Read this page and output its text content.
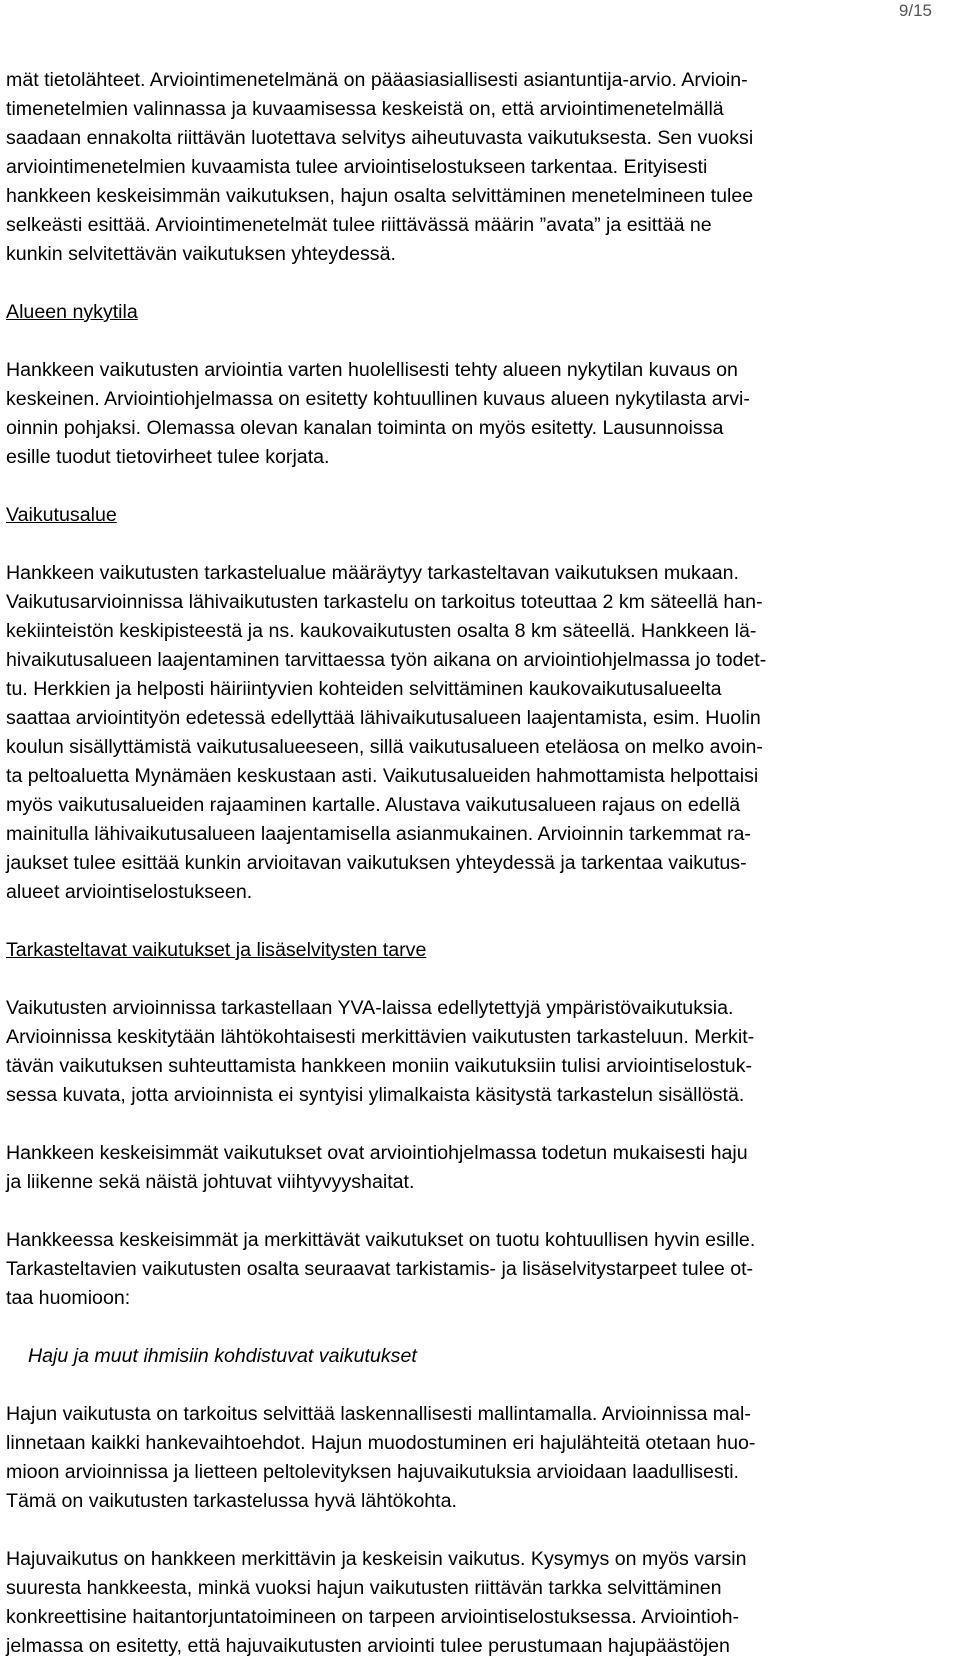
9/15

mät tietolähteet. Arviointimenetelmänä on pääasiasiallisesti asiantuntija-arvio. Arvioin-
timenetelmien valinnassa ja kuvaamisessa keskeistä on, että arviointimenetelmällä
saadaan ennakolta riittävän luotettava selvitys aiheutuvasta vaikutuksesta. Sen vuoksi
arviointimenetelmien kuvaamista tulee arviointiselostukseen tarkentaa. Erityisesti
hankkeen keskeisimmän vaikutuksen, hajun osalta selvittäminen menetelmineen tulee
selkeästi esittää. Arviointimenetelmät tulee riittävässä määrin ”avata” ja esittää ne
kunkin selvitettävän vaikutuksen yhteydessä.

Alueen nykytila

Hankkeen vaikutusten arviointia varten huolellisesti tehty alueen nykytilan kuvaus on
keskeinen. Arviointiohjelmassa on esitetty kohtuullinen kuvaus alueen nykytilasta arvi-
oinnin pohjaksi. Olemassa olevan kanalan toiminta on myös esitetty. Lausunnoissa
esille tuodut tietovirheet tulee korjata.

Vaikutusalue

Hankkeen vaikutusten tarkastelualue määräytyy tarkasteltavan vaikutuksen mukaan.
Vaikutusarvioinnissa lähivaikutusten tarkastelu on tarkoitus toteuttaa 2 km säteellä han-
kekiinteistön keskipisteestä ja ns. kaukovaikutusten osalta 8 km säteellä. Hankkeen lä-
hivaikutusalueen laajentaminen tarvittaessa työn aikana on arviointiohjelmassa jo todet-
tu. Herkkien ja helposti häiriintyvien kohteiden selvittäminen kaukovaikutusalueelta
saattaa arviointityön edetessä edellyttää lähivaikutusalueen laajentamista, esim. Huolin
koulun sisällyttämistä vaikutusalueeseen, sillä vaikutusalueen eteläosa on melko avoin-
ta peltoaluetta Mynämäen keskustaan asti. Vaikutusalueiden hahmottamista helpottaisi
myös vaikutusalueiden rajaaminen kartalle. Alustava vaikutusalueen rajaus on edellä
mainitulla lähivaikutusalueen laajentamisella asianmukainen. Arvioinnin tarkemmat ra-
jaukset tulee esittää kunkin arvioitavan vaikutuksen yhteydessä ja tarkentaa vaikutus-
alueet arviointiselostukseen.

Tarkasteltavat vaikutukset ja lisäselvitysten tarve

Vaikutusten arvioinnissa tarkastellaan YVA-laissa edellytettyjä ympäristövaikutuksia.
Arvioinnissa keskitytään lähtökohtaisesti merkittävien vaikutusten tarkasteluun. Merkit-
tävän vaikutuksen suhteuttamista hankkeen moniin vaikutuksiin tulisi arviointiselostuk-
sessa kuvata, jotta arvioinnista ei syntyisi ylimalkaista käsitystä tarkastelun sisällöstä.

Hankkeen keskeisimmät vaikutukset ovat arviointiohjelmassa todetun mukaisesti haju
ja liikenne sekä näistä johtuvat viihtyvyyshaitat.

Hankkeessa keskeisimmät ja merkittävät vaikutukset on tuotu kohtuullisen hyvin esille.
Tarkasteltavien vaikutusten osalta seuraavat tarkistamis- ja lisäselvitystarpeet tulee ot-
taa huomioon:

Haju ja muut ihmisiin kohdistuvat vaikutukset

Hajun vaikutusta on tarkoitus selvittää laskennallisesti mallintamalla. Arvioinnissa mal-
linnetaan kaikki hankevaihtoehdot. Hajun muodostuminen eri hajulähteitä otetaan huo-
mioon arvioinnissa ja lietteen peltolevityksen hajuvaikutuksia arvioidaan laadullisesti.
Tämä on vaikutusten tarkastelussa hyvä lähtökohta.

Hajuvaikutus on hankkeen merkittävin ja keskeisin vaikutus. Kysymys on myös varsin
suuresta hankkeesta, minkä vuoksi hajun vaikutusten riittävän tarkka selvittäminen
konkreettisine haitantorjuntatoimineen on tarpeen arviointiselostuksessa. Arviointioh-
jelmassa on esitetty, että hajuvaikutusten arviointi tulee perustumaan hajupäästöjen
